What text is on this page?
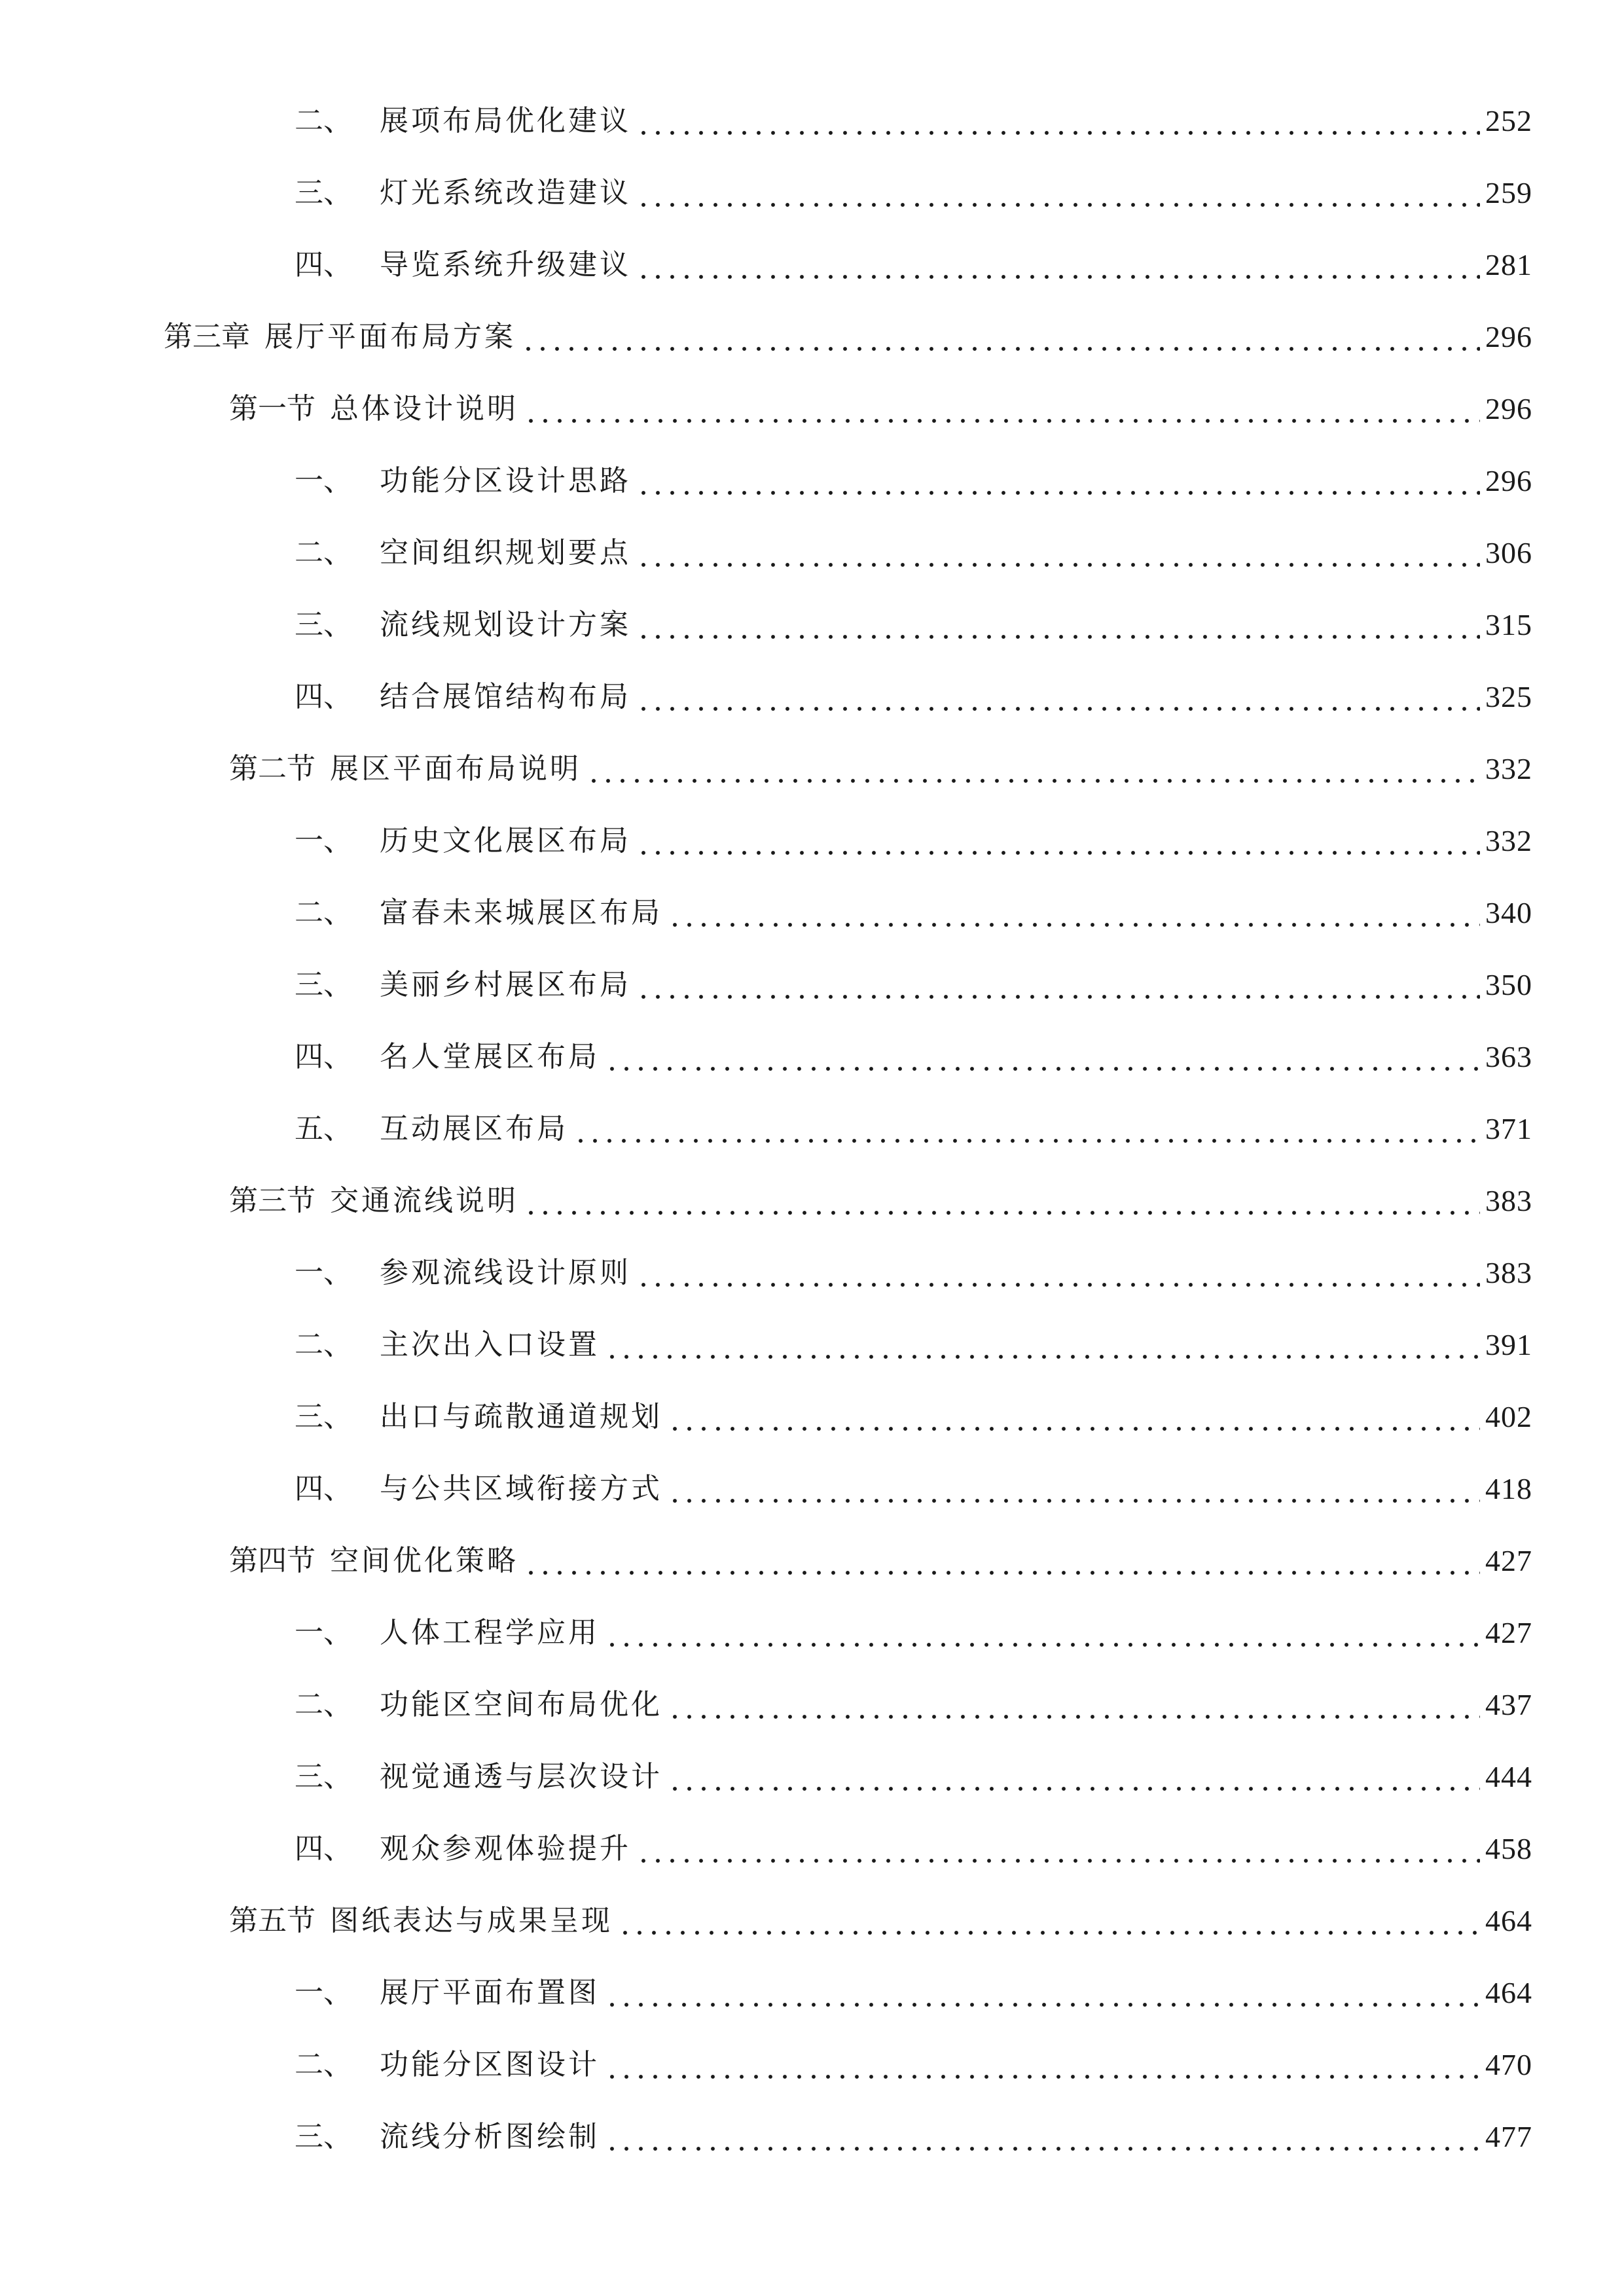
二、 展项布局优化建议	252
三、 灯光系统改造建议	259
四、 导览系统升级建议	281
第三章 展厅平面布局方案	296
第一节 总体设计说明	296
一、 功能分区设计思路	296
二、 空间组织规划要点	306
三、 流线规划设计方案	315
四、 结合展馆结构布局	325
第二节 展区平面布局说明	332
一、 历史文化展区布局	332
二、 富春未来城展区布局	340
三、 美丽乡村展区布局	350
四、 名人堂展区布局	363
五、 互动展区布局	371
第三节 交通流线说明	383
一、 参观流线设计原则	383
二、 主次出入口设置	391
三、 出口与疏散通道规划	402
四、 与公共区域衔接方式	418
第四节 空间优化策略	427
一、 人体工程学应用	427
二、 功能区空间布局优化	437
三、 视觉通透与层次设计	444
四、 观众参观体验提升	458
第五节 图纸表达与成果呈现	464
一、 展厅平面布置图	464
二、 功能分区图设计	470
三、 流线分析图绘制	477
